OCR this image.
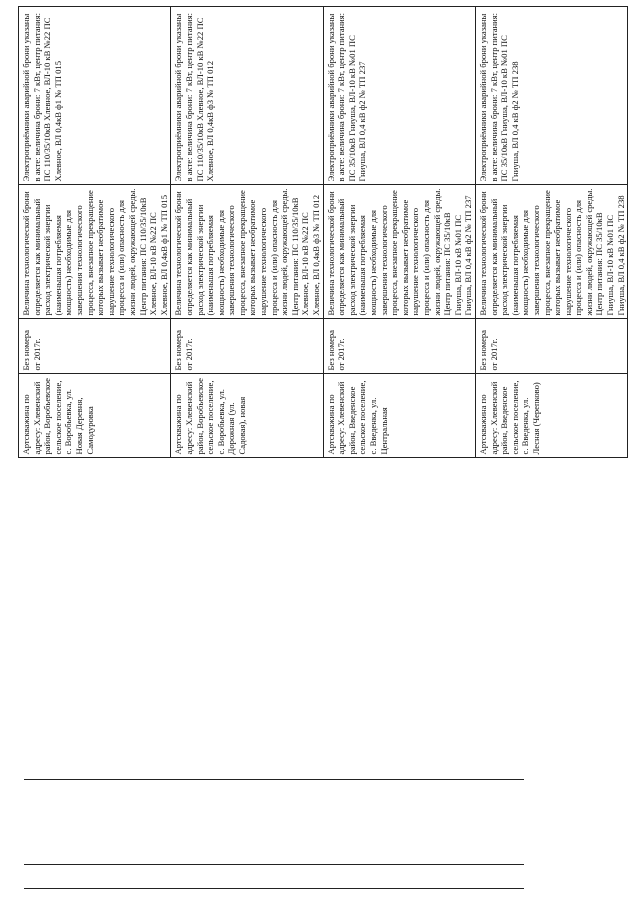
	Артскважина по адресу: Хлевенский район, Воробьевское сельское поселение, с. Воробьевка, ул. Новая Деревня, Самодуровка	Без номера от 2017г.	Величина технологической брони определяется как минимальный расход электрической энергии (наименьшая потребляемая мощность) необходимые для завершения технологического процесса, внезапное прекращение которых вызывает необратимое нарушение технологического процесса и (или) опасность для жизни людей, окружающей среды. Центр питания: ПС 110/35/10кВ Хлевное, ВЛ-10 кВ №22 ПС Хлевное, ВЛ 0,4кВ ф1 № ТП 015	Электроприёмники аварийной брони указаны в акте: величина брони: 7 кВт, центр питания: ПС 110/35/10кВ Хлевное, ВЛ-10 кВ №22 ПС Хлевное, ВЛ 0,4кВ ф1 № ТП 015
	Артскважина по адресу: Хлевенский район, Воробьевское сельское поселение, с. Воробьевка, ул. Дорожная (ул. Садовая), новая	Без номера от 2017г.	Величина технологической брони определяется как минимальный расход электрической энергии (наименьшая потребляемая мощность) необходимые для завершения технологического процесса, внезапное прекращение которых вызывает необратимое нарушение технологического процесса и (или) опасность для жизни людей, окружающей среды. Центр питания: ПС 110/35/10кВ Хлевное, ВЛ-10 кВ №22 ПС Хлевное, ВЛ 0,4кВ ф3 № ТП 012	Электроприёмники аварийной брони указаны в акте: величина брони: 7 кВт, центр питания: ПС 110/35/10кВ Хлевное, ВЛ-10 кВ №22 ПС Хлевное, ВЛ 0,4кВ ф3 № ТП 012
	Артскважина по адресу: Хлевенский район, Введенское сельское поселение, с. Введенка, ул. Центральная	Без номера от 2017г.	Величина технологической брони определяется как минимальный расход электрической энергии (наименьшая потребляемая мощность) необходимые для завершения технологического процесса, внезапное прекращение которых вызывает необратимое нарушение технологического процесса и (или) опасность для жизни людей, окружающей среды. Центр питания: ПС 35/10кВ Гниуша, ВЛ-10 кВ №01 ПС Гниуша, ВЛ 0,4 кВ ф2 № ТП 237	Электроприёмники аварийной брони указаны в акте: величина брони: 7 кВт, центр питания: ПС 35/10кВ Гниуша, ВЛ-10 кВ №01 ПС Гниуша, ВЛ 0,4 кВ ф2 № ТП 237
	Артскважина по адресу: Хлевенский район, Введенское сельское поселение, с. Введенка, ул. Лесная (Черепково)	Без номера от 2017г.	Величина технологической брони определяется как минимальный расход электрической энергии (наименьшая потребляемая мощность) необходимые для завершения технологического процесса, внезапное прекращение которых вызывает необратимое нарушение технологического процесса и (или) опасность для жизни людей, окружающей среды. Центр питания: ПС 35/10кВ Гниуша, ВЛ-10 кВ №01 ПС Гниуша, ВЛ 0,4 кВ ф2 № ТП 238	Электроприёмники аварийной брони указаны в акте: величина брони: 7 кВт, центр питания: ПС 35/10кВ Гниуша, ВЛ-10 кВ №01 ПС Гниуша, ВЛ 0,4 кВ ф2 № ТП 238
